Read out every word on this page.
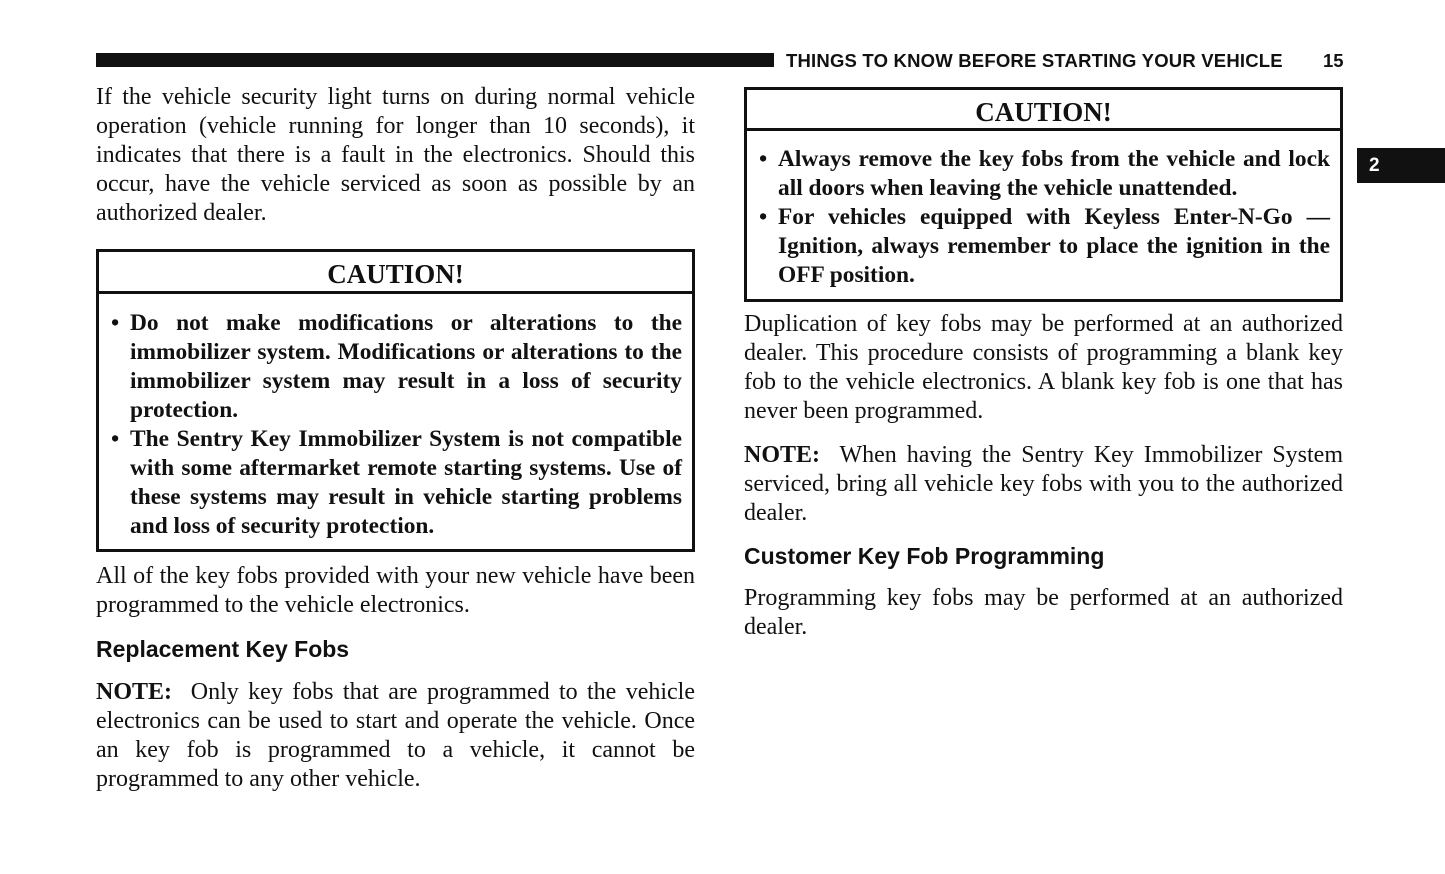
THINGS TO KNOW BEFORE STARTING YOUR VEHICLE 15
2

If the vehicle security light turns on during normal vehicle operation (vehicle running for longer than 10 seconds), it indicates that there is a fault in the electronics. Should this occur, have the vehicle serviced as soon as possible by an authorized dealer.

CAUTION!
• Do not make modifications or alterations to the immobilizer system. Modifications or alterations to the immobilizer system may result in a loss of security protection.
• The Sentry Key Immobilizer System is not compatible with some aftermarket remote starting systems. Use of these systems may result in vehicle starting problems and loss of security protection.

All of the key fobs provided with your new vehicle have been programmed to the vehicle electronics.

Replacement Key Fobs

NOTE: Only key fobs that are programmed to the vehicle electronics can be used to start and operate the vehicle. Once an key fob is programmed to a vehicle, it cannot be programmed to any other vehicle.

CAUTION!
• Always remove the key fobs from the vehicle and lock all doors when leaving the vehicle unattended.
• For vehicles equipped with Keyless Enter-N-Go — Ignition, always remember to place the ignition in the OFF position.

Duplication of key fobs may be performed at an authorized dealer. This procedure consists of programming a blank key fob to the vehicle electronics. A blank key fob is one that has never been programmed.

NOTE: When having the Sentry Key Immobilizer System serviced, bring all vehicle key fobs with you to the authorized dealer.

Customer Key Fob Programming

Programming key fobs may be performed at an authorized dealer.
